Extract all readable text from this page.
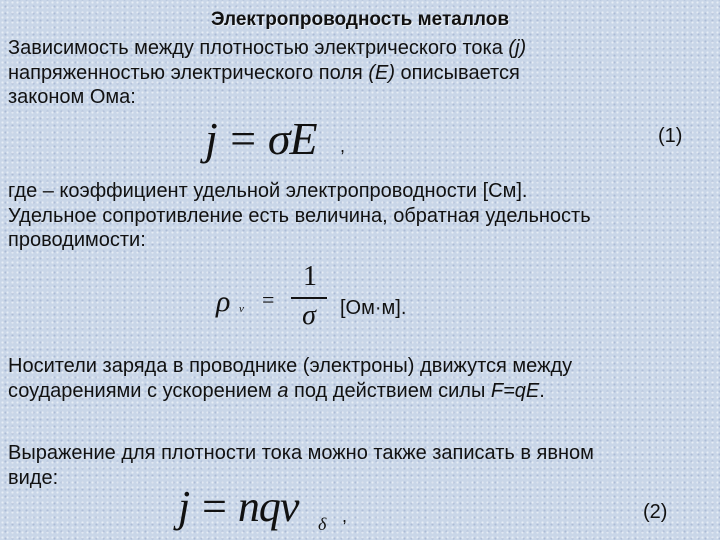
Электропроводность металлов

Зависимость между плотностью электрического тока (j)
напряженностью электрического поля (E) описывается
законом Ома:

j = σE ,	(1)

где – коэффициент удельной электропроводности [См].
Удельное сопротивление есть величина, обратная удельность
проводимости:

ρ v =
1
σ	[Ом·м].

Носители заряда в проводнике (электроны) движутся между
соударениями с ускорением а под действием силы F=qE.

Выражение для плотности тока можно также записать в явном
виде:

j = nqv δ ,	(2)
